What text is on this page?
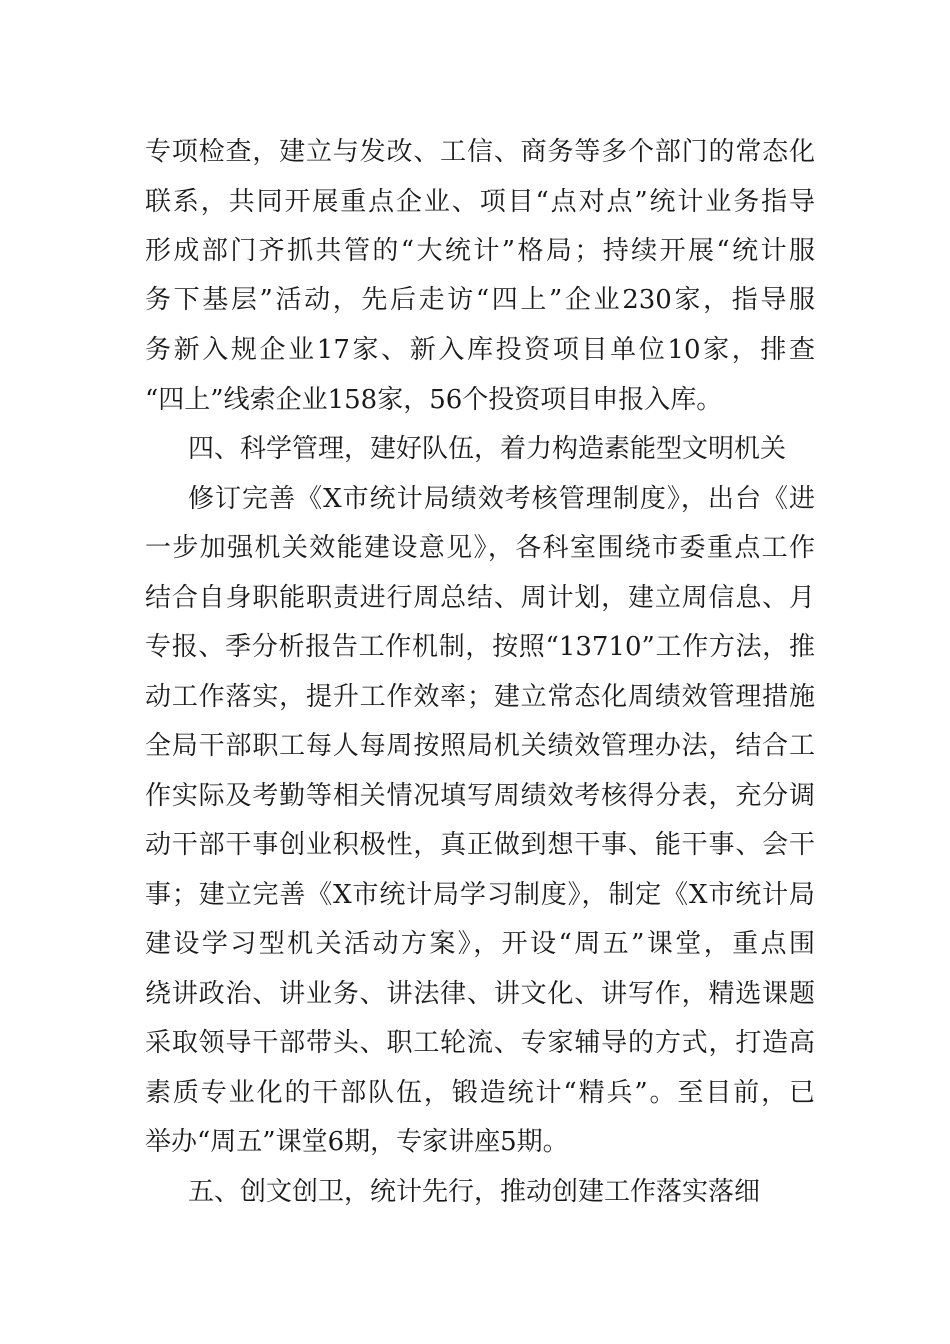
专项检查，建立与发改、工信、商务等多个部门的常态化
联系，共同开展重点企业、项目“点对点”统计业务指导
形成部门齐抓共管的“大统计”格局；持续开展“统计服
务下基层”活动，先后走访“四上”企业230家，指导服
务新入规企业17家、新入库投资项目单位10家，排查
“四上”线索企业158家，56个投资项目申报入库。
四、科学管理，建好队伍，着力构造素能型文明机关
修订完善《X市统计局绩效考核管理制度》，出台《进
一步加强机关效能建设意见》，各科室围绕市委重点工作
结合自身职能职责进行周总结、周计划，建立周信息、月
专报、季分析报告工作机制，按照“13710”工作方法，推
动工作落实，提升工作效率；建立常态化周绩效管理措施
全局干部职工每人每周按照局机关绩效管理办法，结合工
作实际及考勤等相关情况填写周绩效考核得分表，充分调
动干部干事创业积极性，真正做到想干事、能干事、会干
事；建立完善《X市统计局学习制度》，制定《X市统计局
建设学习型机关活动方案》，开设“周五”课堂，重点围
绕讲政治、讲业务、讲法律、讲文化、讲写作，精选课题
采取领导干部带头、职工轮流、专家辅导的方式，打造高
素质专业化的干部队伍，锻造统计“精兵”。至目前，已
举办“周五”课堂6期，专家讲座5期。
五、创文创卫，统计先行，推动创建工作落实落细
